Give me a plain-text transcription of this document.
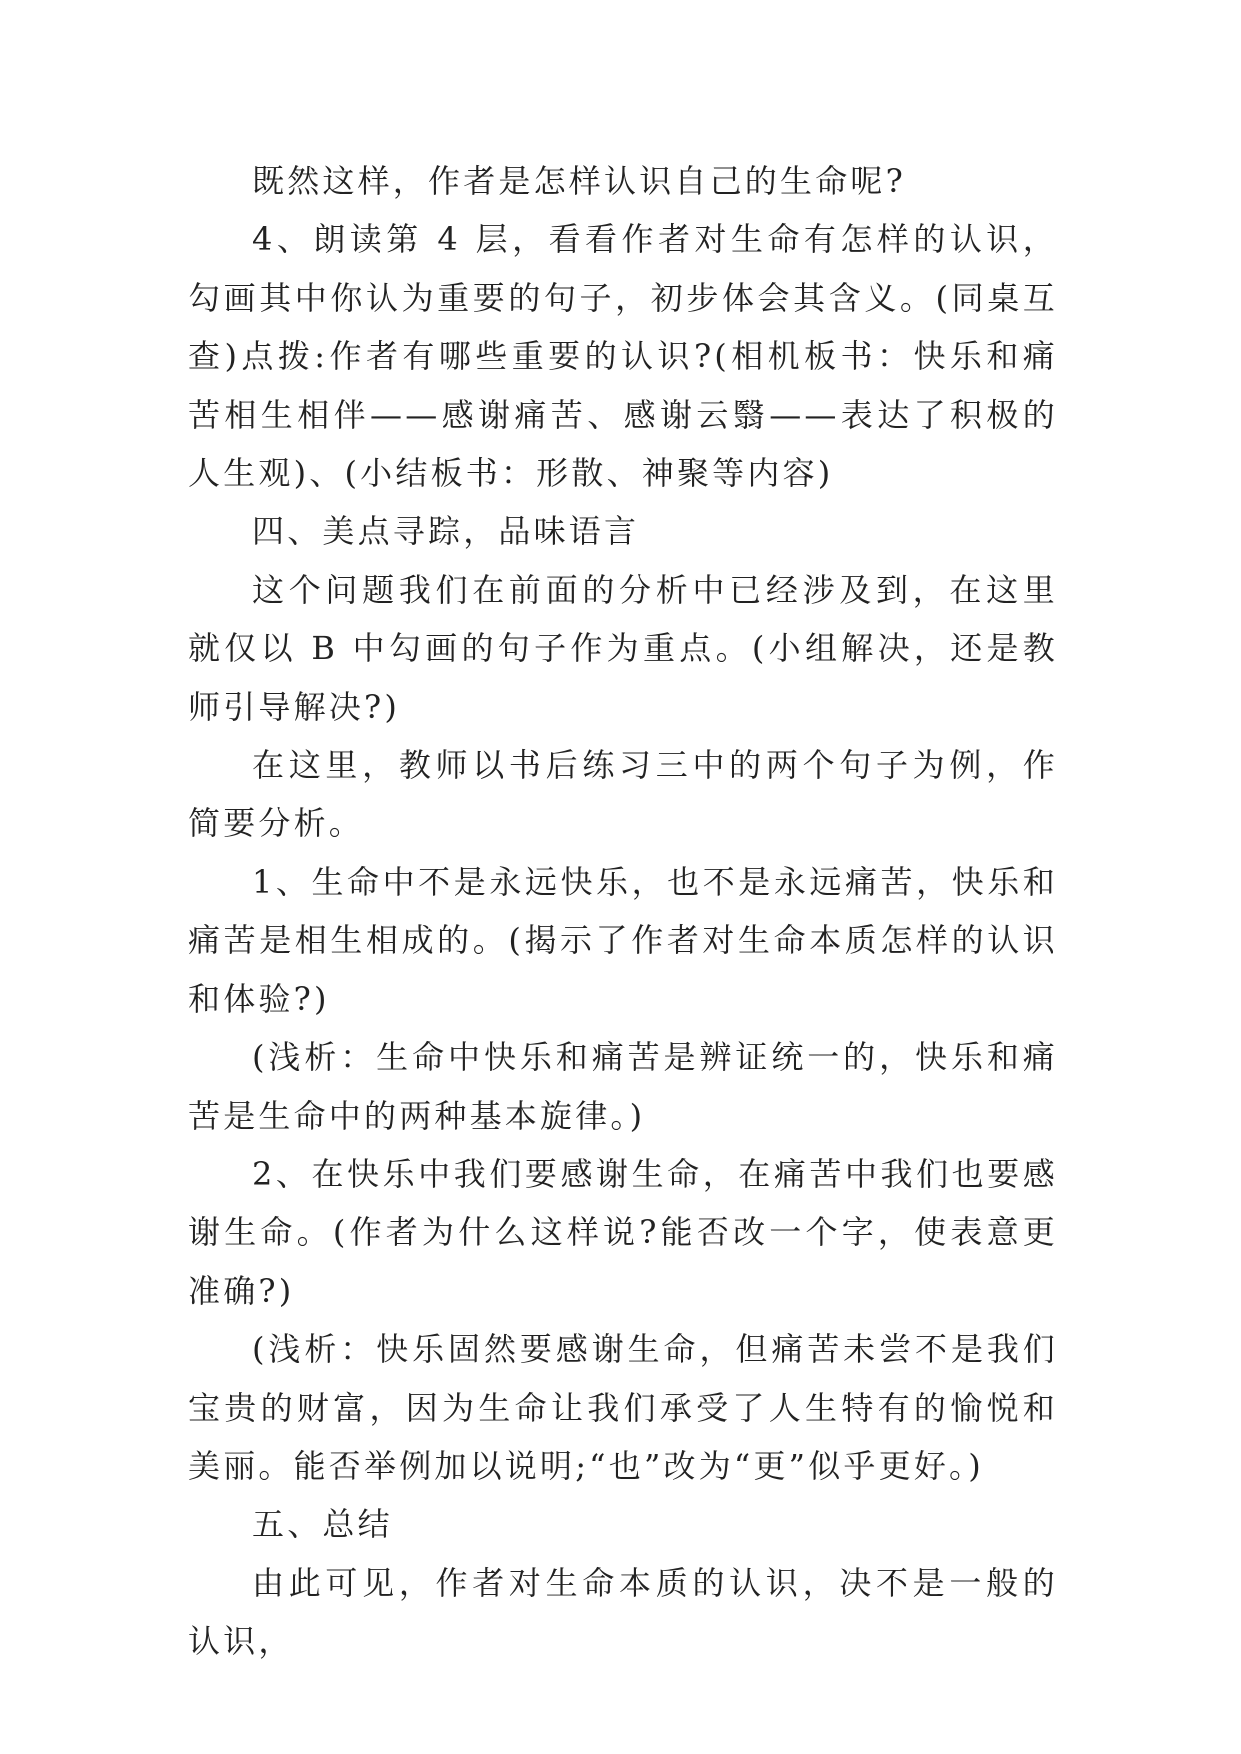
既然这样，作者是怎样认识自己的生命呢?

4、朗读第 4 层，看看作者对生命有怎样的认识，勾画其中你认为重要的句子，初步体会其含义。(同桌互查)点拨:作者有哪些重要的认识?(相机板书：快乐和痛苦相生相伴——感谢痛苦、感谢云翳——表达了积极的人生观)、(小结板书：形散、神聚等内容)

四、美点寻踪，品味语言

这个问题我们在前面的分析中已经涉及到，在这里就仅以 B 中勾画的句子作为重点。(小组解决，还是教师引导解决?)

在这里，教师以书后练习三中的两个句子为例，作简要分析。

1、生命中不是永远快乐，也不是永远痛苦，快乐和痛苦是相生相成的。(揭示了作者对生命本质怎样的认识和体验?)

(浅析：生命中快乐和痛苦是辨证统一的，快乐和痛苦是生命中的两种基本旋律。)

2、在快乐中我们要感谢生命，在痛苦中我们也要感谢生命。(作者为什么这样说?能否改一个字，使表意更准确?)

(浅析：快乐固然要感谢生命，但痛苦未尝不是我们宝贵的财富，因为生命让我们承受了人生特有的愉悦和美丽。能否举例加以说明;“也”改为“更”似乎更好。)

五、总结

由此可见，作者对生命本质的认识，决不是一般的认识，
